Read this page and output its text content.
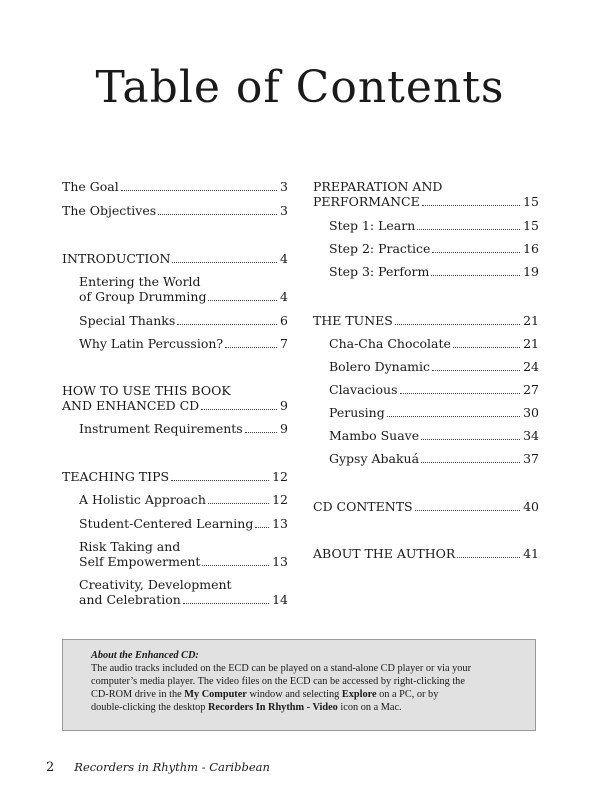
Table of Contents
The Goal	3
The Objectives	3
INTRODUCTION	4
Entering the World
of Group Drumming	4
Special Thanks	6
Why Latin Percussion?	7
HOW TO USE THIS BOOK
AND ENHANCED CD	9
Instrument Requirements	9
TEACHING TIPS	12
A Holistic Approach	12
Student-Centered Learning 13
Risk Taking and
Self Empowerment	13
Creativity, Development
and Celebration	14
PREPARATION AND
PERFORMANCE	15
Step 1: Learn	15
Step 2: Practice	16
Step 3: Perform	19
THE TUNES	21
Cha-Cha Chocolate	21
Bolero Dynamic	24
Clavacious	27
Perusing	30
Mambo Suave	34
Gypsy Abakuá	37
CD CONTENTS	40
ABOUT THE AUTHOR	41
About the Enhanced CD:
The audio tracks included on the ECD can be played on a stand-alone CD player or via your
computer’s media player. The video files on the ECD can be accessed by right-clicking the
CD-ROM drive in the My Computer window and selecting Explore on a PC, or by
double-clicking the desktop Recorders In Rhythm - Video icon on a Mac.
2 Recorders in Rhythm - Caribbean
